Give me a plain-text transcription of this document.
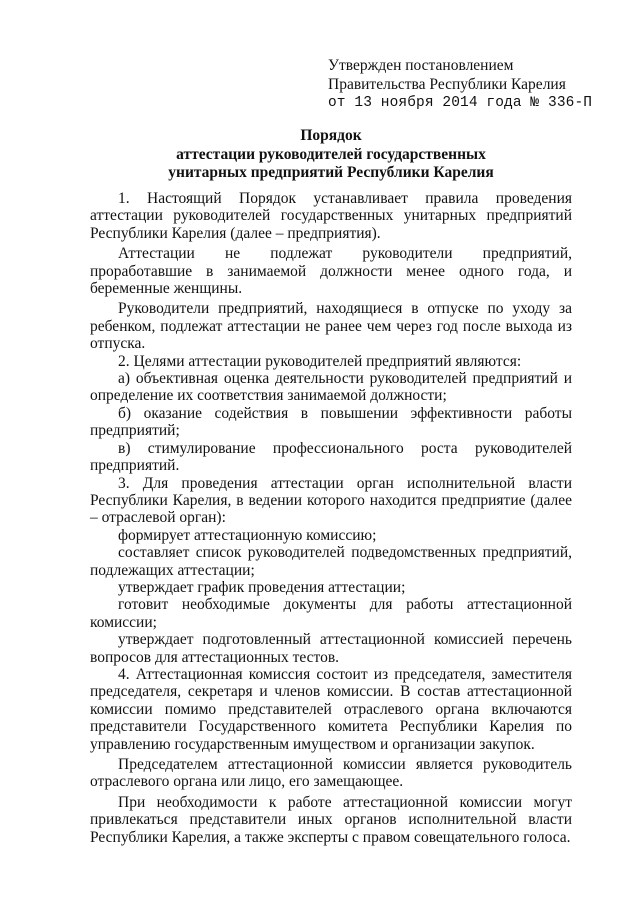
Утвержден постановлением
Правительства Республики Карелия
от 13 ноября 2014 года № 336-П
Порядок
аттестации руководителей государственных
унитарных предприятий Республики Карелия

1. Настоящий Порядок устанавливает правила проведения аттестации руководителей государственных унитарных предприятий Республики Карелия (далее – предприятия).

Аттестации не подлежат руководители предприятий, проработавшие в занимаемой должности менее одного года, и беременные женщины.

Руководители предприятий, находящиеся в отпуске по уходу за ребенком, подлежат аттестации не ранее чем через год после выхода из отпуска.

2. Целями аттестации руководителей предприятий являются:

а) объективная оценка деятельности руководителей предприятий и определение их соответствия занимаемой должности;

б) оказание содействия в повышении эффективности работы предприятий;

в) стимулирование профессионального роста руководителей предприятий.

3. Для проведения аттестации орган исполнительной власти Республики Карелия, в ведении которого находится предприятие (далее – отраслевой орган):

формирует аттестационную комиссию;

составляет список руководителей подведомственных предприятий, подлежащих аттестации;

утверждает график проведения аттестации;

готовит необходимые документы для работы аттестационной комиссии;

утверждает подготовленный аттестационной комиссией перечень вопросов для аттестационных тестов.

4. Аттестационная комиссия состоит из председателя, заместителя председателя, секретаря и членов комиссии. В состав аттестационной комиссии помимо представителей отраслевого органа включаются представители Государственного комитета Республики Карелия по управлению государственным имуществом и организации закупок.

Председателем аттестационной комиссии является руководитель отраслевого органа или лицо, его замещающее.

При необходимости к работе аттестационной комиссии могут привлекаться представители иных органов исполнительной власти Республики Карелия, а также эксперты с правом совещательного голоса.
